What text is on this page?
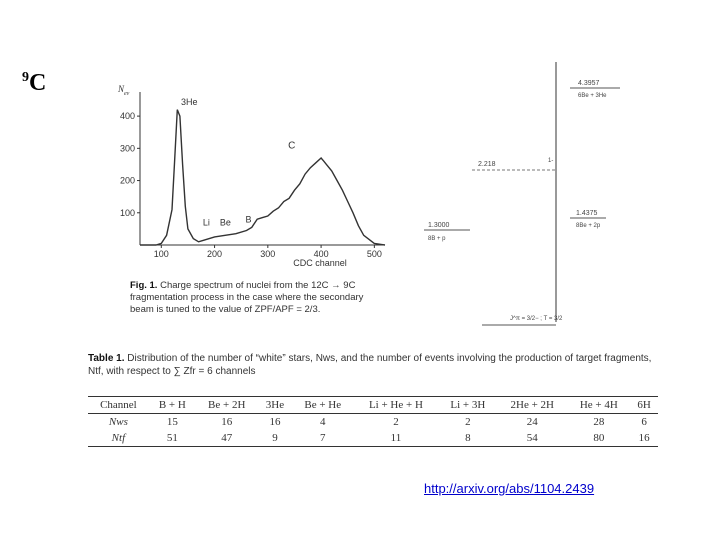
$^9$C
100
200
300
400
100	200	300	400	500
$N_{ev}$
CDC channel
3He
Li Be B
C
Fig. 1. Charge spectrum of nuclei from the 12C → 9C fragmentation process in the case where the secondary beam is tuned to the value of ZPF/APF = 2/3.
4.3957
6Be + 3He
2.218	1-
1.4375
8Be + 2p
1.3000
8B + p
J^π = 3/2− ; T = 3/2
Table 1. Distribution of the number of “white” stars, Nws, and the number of events involving the production of target fragments, Ntf, with respect to ∑ Zfr = 6 channels
Channel	B + H	Be + 2H	3He	Be + He	Li + He + H	Li + 3H	2He + 2H	He + 4H	6H
Nws	15	16	16	4	2	2	24	28	6
Ntf	51	47	9	7	11	8	54	80	16
http://arxiv.org/abs/1104.2439
